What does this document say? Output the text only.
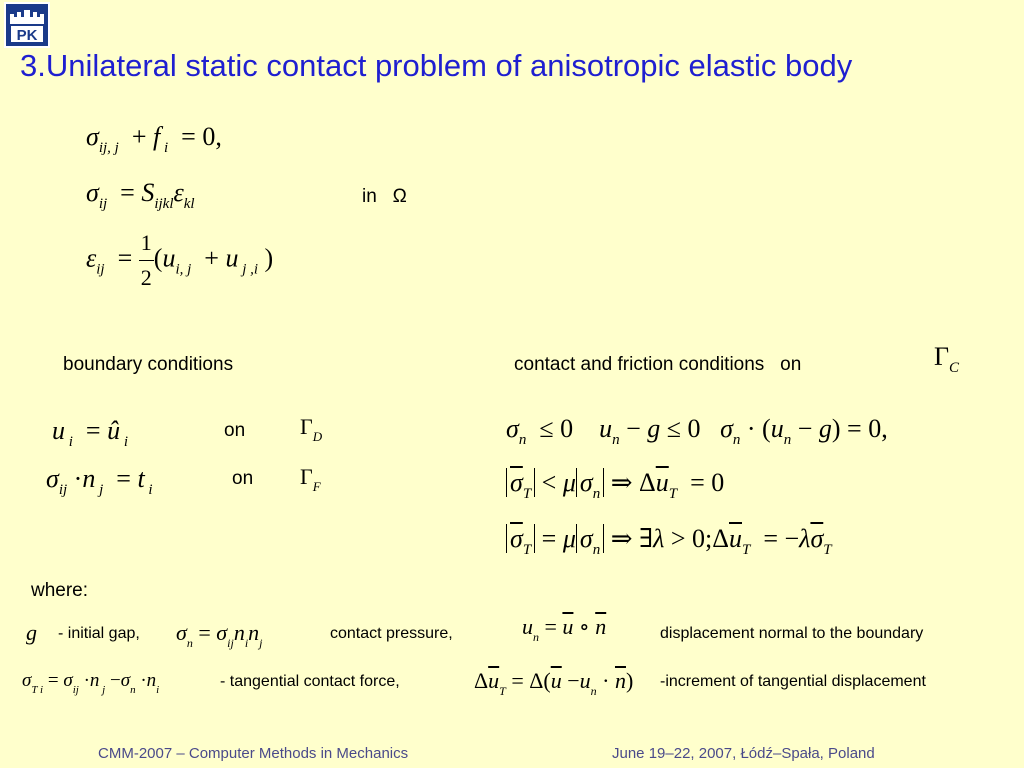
PK
3.Unilateral static contact problem of anisotropic elastic body
$\sigma_{ij, j} + f$ $_i$  = 0,
$\sigma_{ij} = S_{ijkl}\varepsilon_{kl}$	in Ω
$\varepsilon_{ij} = \frac{1}{2} (u_{i, j} + u$ $_{j ,i}$ )
boundary conditions	contact and friction conditions on	$\Gamma_C$
u $_i$  = û $_i$
on $\Gamma_D$
$\sigma_{ij} \cdot n$ $_j$  = t $_i$
on $\Gamma_F$
$\sigma_n \le 0$    $u_n - g \le 0$   $\sigma_n \cdot (u_n - g) = 0$,
$\overline{\sigma}_T < \mu$ $\sigma_n$ ⇒ $\Delta\overline{u}_T = 0$
$\overline{\sigma}_T = \mu$ $\sigma_n$ ⇒ ∃λ > $0;\Delta\overline{u}_T = -\lambda\overline{\sigma}_T$
where:
g - initial gap, $\sigma_n = \sigma_{ij}n_in_j$
contact pressure,	$u_n = \overline{u}$ ∘ $\overline{n}$	displacement normal to the boundary
$\sigma_{T i} = \sigma_{ij} \cdot n$ $_j -\sigma_n \cdot n_i$	- tangential contact force,	$\Delta\overline{u}_T = \Delta(\overline{u} -u_n \cdot \overline{n})$ -increment of tangential displacement
CMM-2007 – Computer Methods in Mechanics	June 19–22, 2007, Łódź–Spała, Poland
